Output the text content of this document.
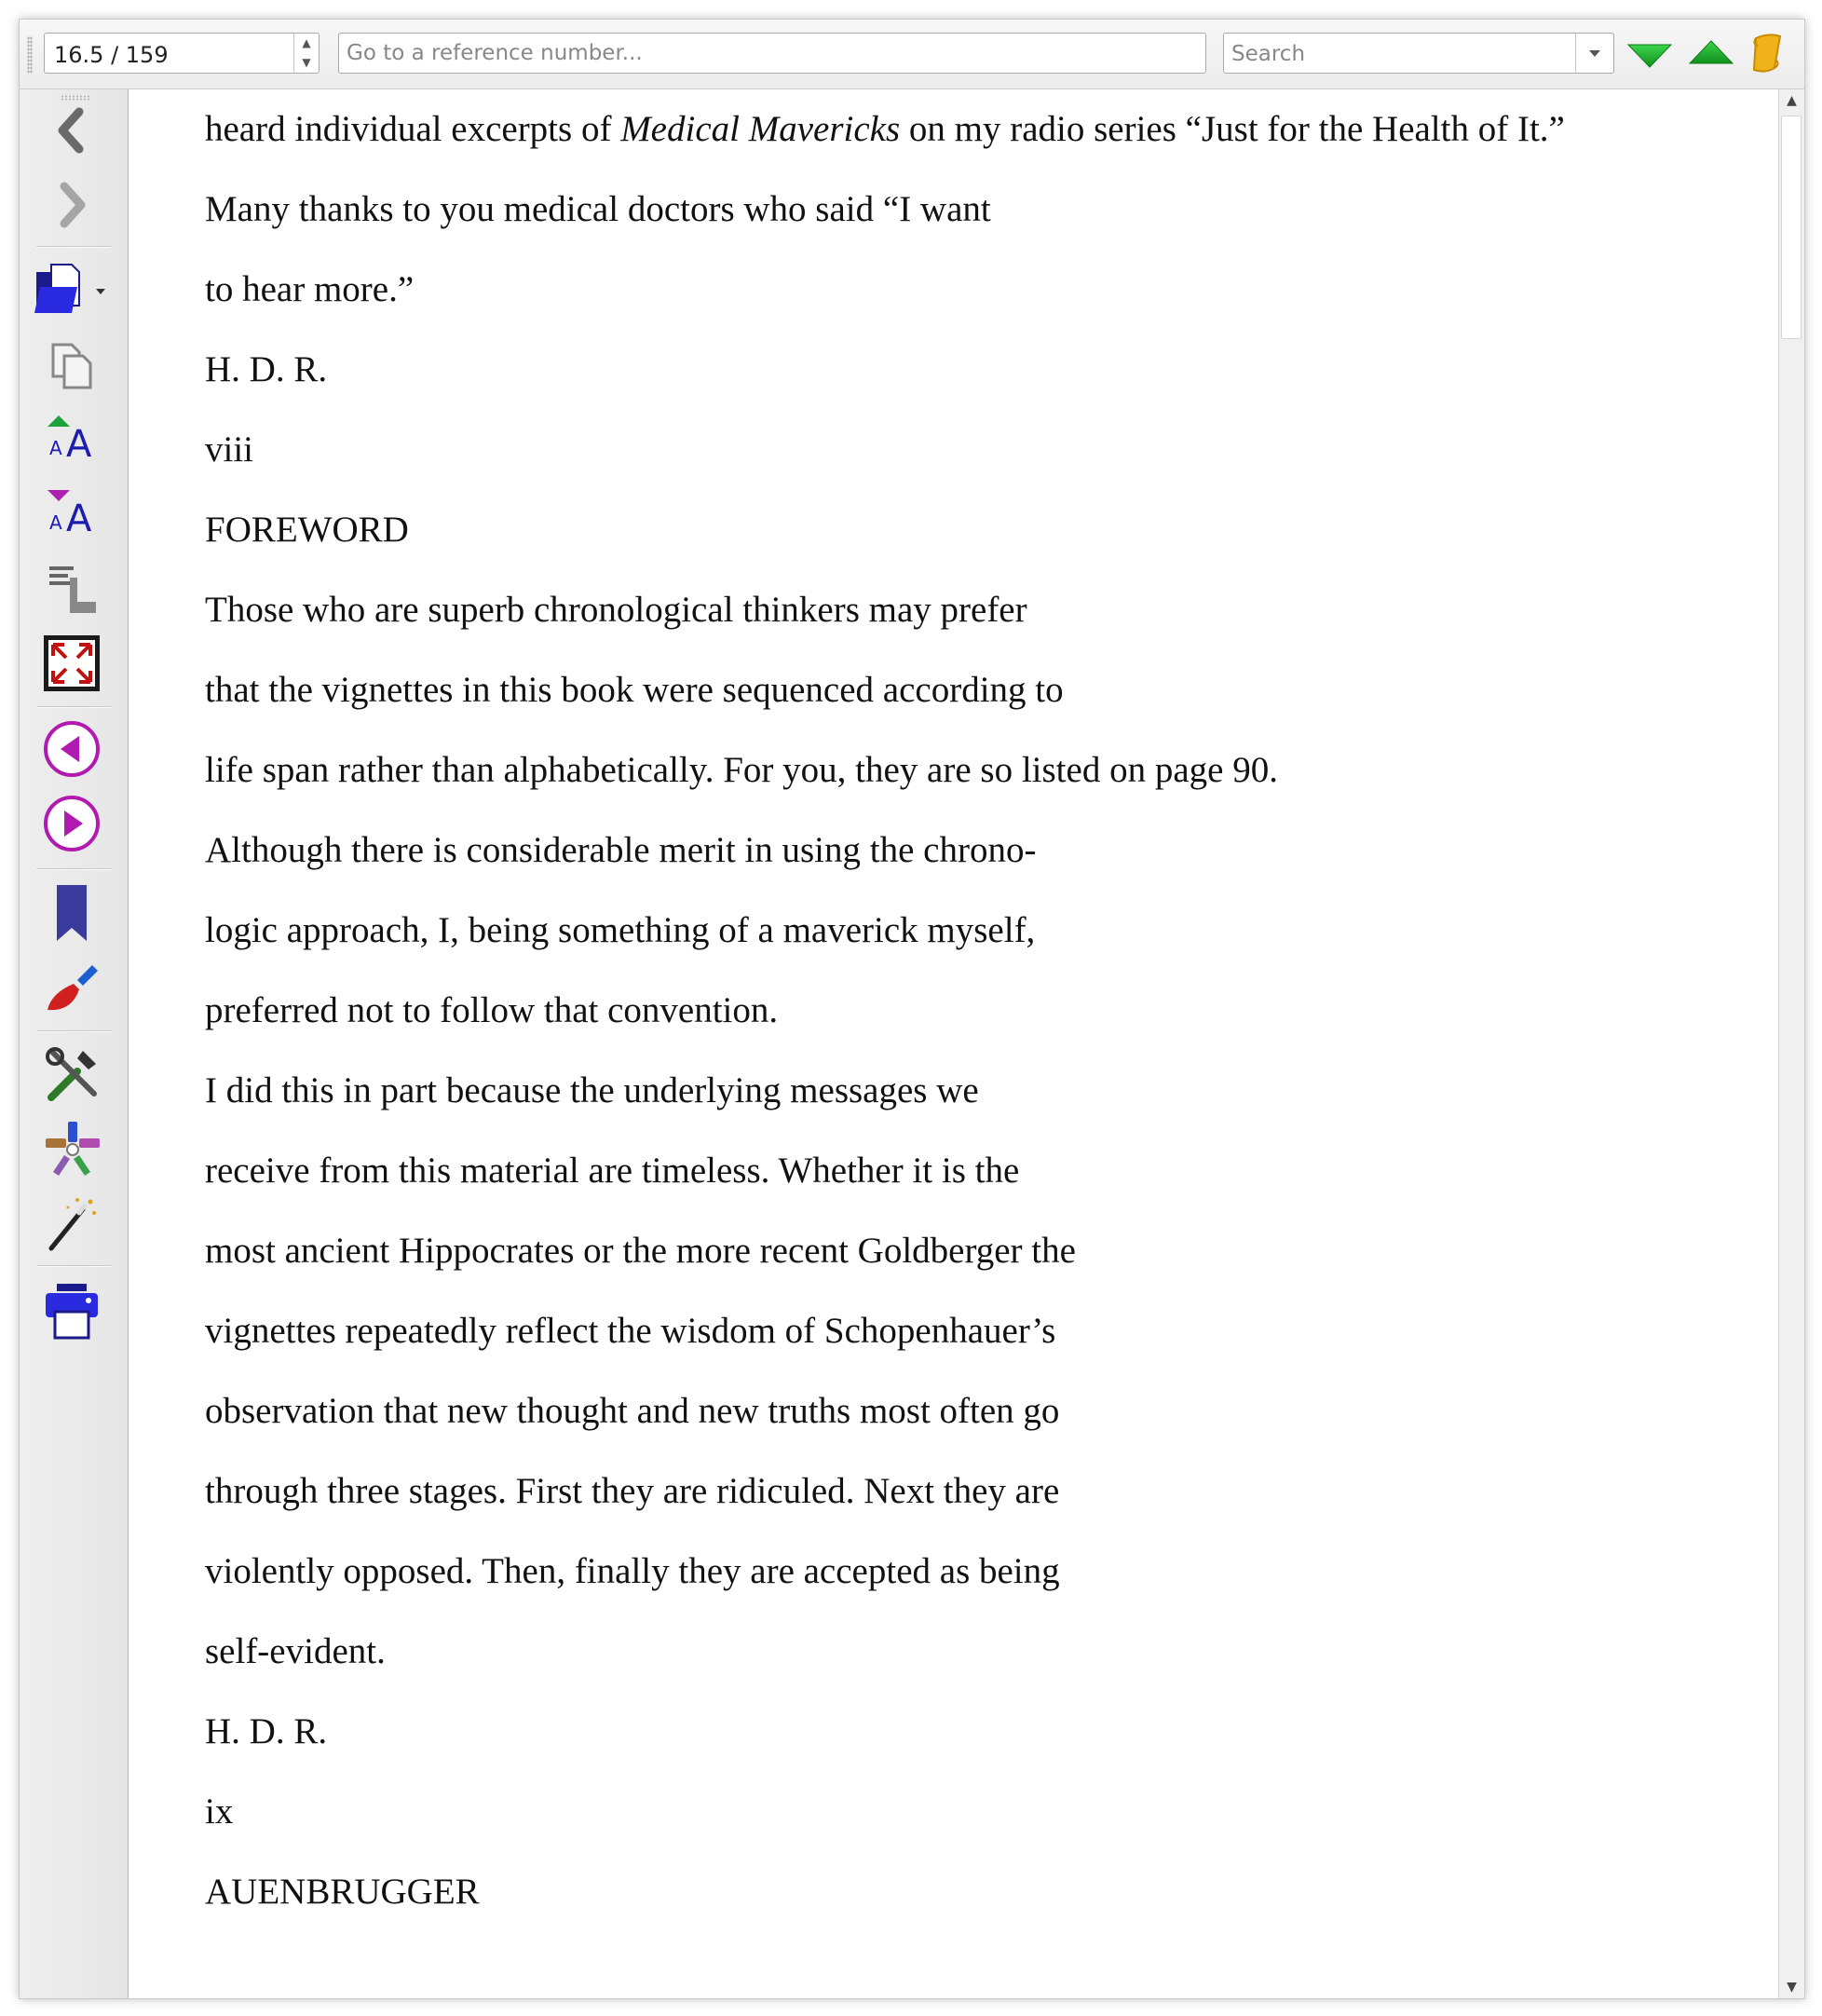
16.5 / 159	▲
▼
Go to a reference number...	Search
A A
A A
heard individual excerpts of Medical Mavericks on my radio series “Just for the Health of It.”
Many thanks to you medical doctors who said “I want
to hear more.”
H. D. R.
viii
FOREWORD
Those who are superb chronological thinkers may prefer
that the vignettes in this book were sequenced according to
life span rather than alphabetically. For you, they are so listed on page 90.
Although there is considerable merit in using the chrono-
logic approach, I, being something of a maverick myself,
preferred not to follow that convention.
I did this in part because the underlying messages we
receive from this material are timeless. Whether it is the
most ancient Hippocrates or the more recent Goldberger the
vignettes repeatedly reflect the wisdom of Schopenhauer’s
observation that new thought and new truths most often go
through three stages. First they are ridiculed. Next they are
violently opposed. Then, finally they are accepted as being
self-evident.
H. D. R.
ix
AUENBRUGGER
▲
▼
